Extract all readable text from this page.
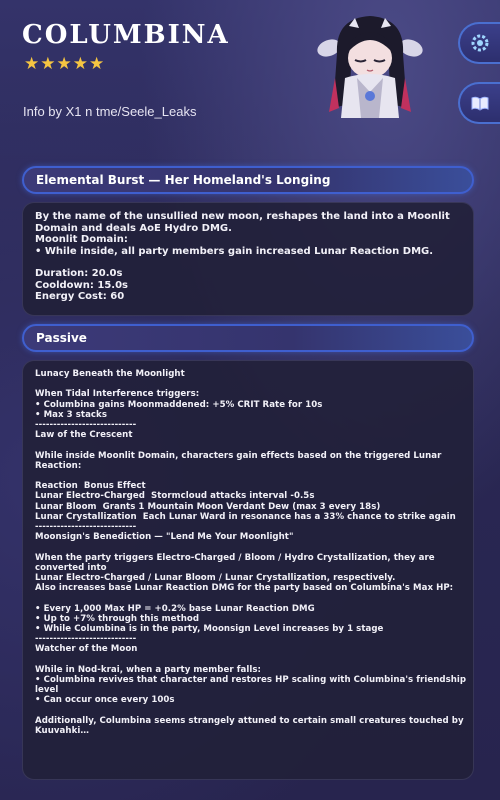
COLUMBINA
★ ★ ★ ★ ★
Info by X1 n tme/Seele_Leaks
Elemental Burst — Her Homeland's Longing
By the name of the unsullied new moon, reshapes the land into a Moonlit
Domain and deals AoE Hydro DMG.
Moonlit Domain:
• While inside, all party members gain increased Lunar Reaction DMG.
Duration: 20.0s
Cooldown: 15.0s
Energy Cost: 60
Passive
Lunacy Beneath the Moonlight
When Tidal Interference triggers:
• Columbina gains Moonmaddened: +5% CRIT Rate for 10s
• Max 3 stacks
----------------------------
Law of the Crescent
While inside Moonlit Domain, characters gain effects based on the triggered Lunar
Reaction:
Reaction  Bonus Effect
Lunar Electro-Charged  Stormcloud attacks interval -0.5s
Lunar Bloom  Grants 1 Mountain Moon Verdant Dew (max 3 every 18s)
Lunar Crystallization  Each Lunar Ward in resonance has a 33% chance to strike again
----------------------------
Moonsign's Benediction — "Lend Me Your Moonlight"
When the party triggers Electro-Charged / Bloom / Hydro Crystallization, they are
converted into
Lunar Electro-Charged / Lunar Bloom / Lunar Crystallization, respectively.
Also increases base Lunar Reaction DMG for the party based on Columbina's Max HP:
• Every 1,000 Max HP = +0.2% base Lunar Reaction DMG
• Up to +7% through this method
• While Columbina is in the party, Moonsign Level increases by 1 stage
----------------------------
Watcher of the Moon
While in Nod-krai, when a party member falls:
• Columbina revives that character and restores HP scaling with Columbina's friendship
level
• Can occur once every 100s
Additionally, Columbina seems strangely attuned to certain small creatures touched by
Kuuvahki…
